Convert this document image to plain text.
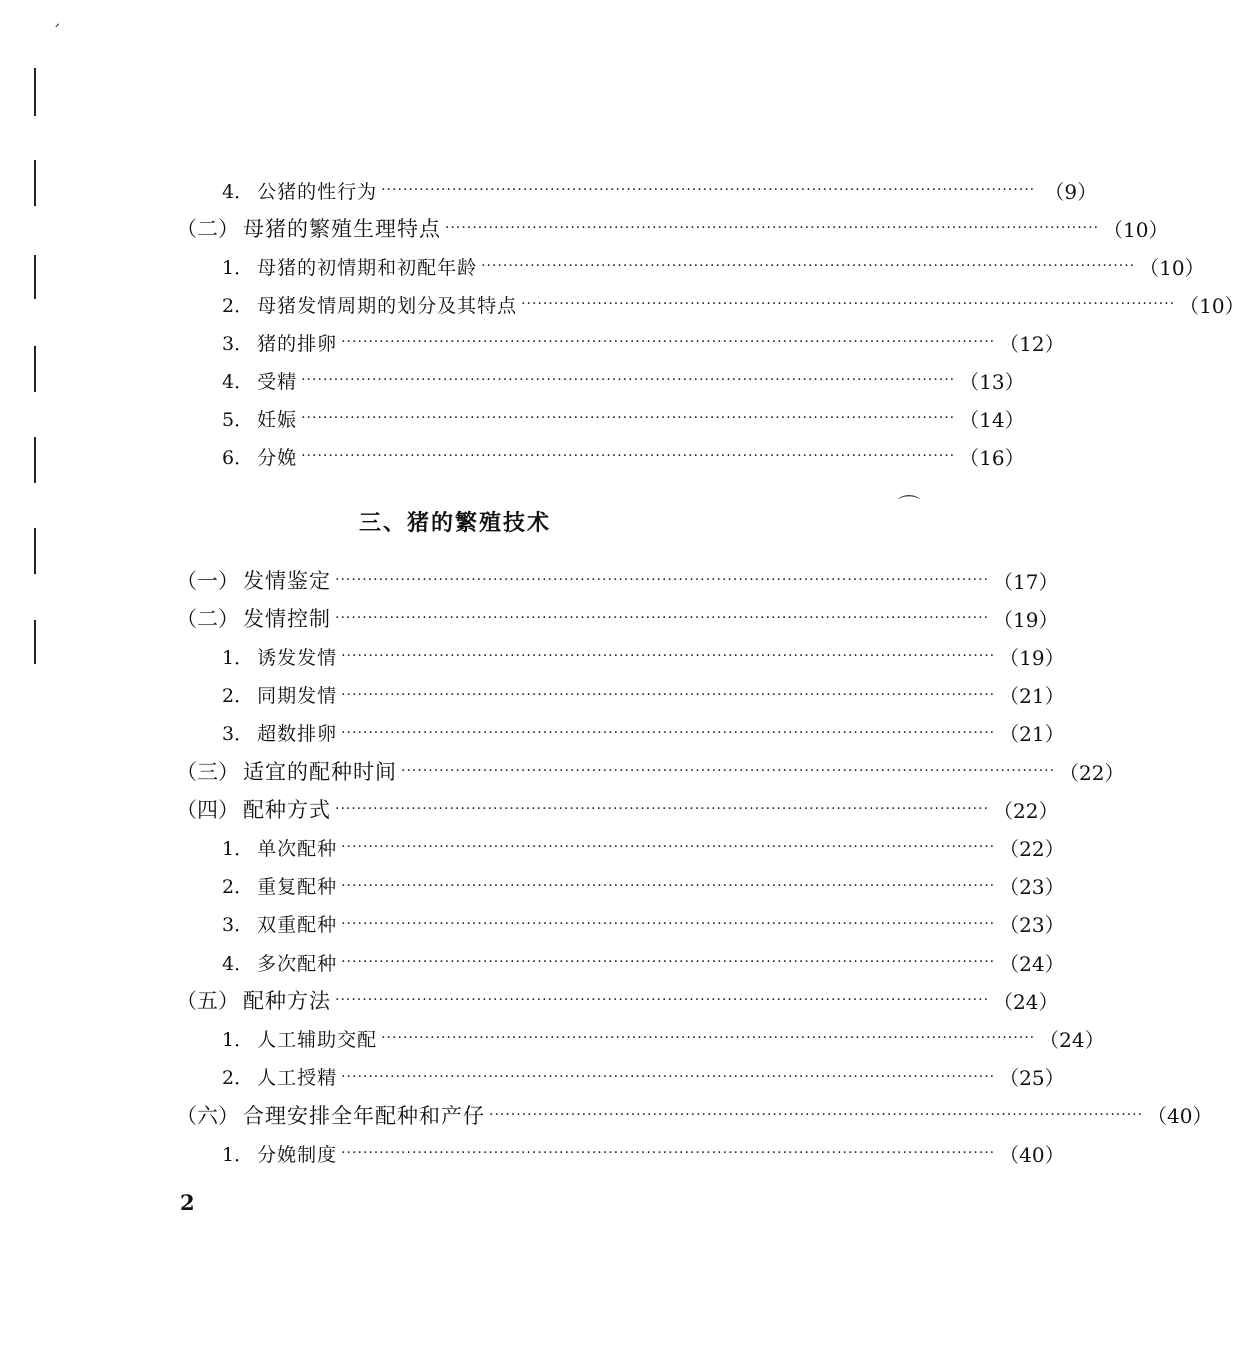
ˊ
⌒
4． 公猪的性行为 ························································································································ （9）
（二） 母猪的繁殖生理特点 ························································································································ （10）
1． 母猪的初情期和初配年龄 ························································································································ （10）
2． 母猪发情周期的划分及其特点 ························································································································ （10）
3． 猪的排卵 ························································································································ （12）
4． 受精 ························································································································ （13）
5． 妊娠 ························································································································ （14）
6． 分娩 ························································································································ （16）
三、猪的繁殖技术
（一） 发情鉴定 ························································································································ （17）
（二） 发情控制 ························································································································ （19）
1． 诱发发情 ························································································································ （19）
2． 同期发情 ························································································································ （21）
3． 超数排卵 ························································································································ （21）
（三） 适宜的配种时间 ························································································································ （22）
（四） 配种方式 ························································································································ （22）
1． 单次配种 ························································································································ （22）
2． 重复配种 ························································································································ （23）
3． 双重配种 ························································································································ （23）
4． 多次配种 ························································································································ （24）
（五） 配种方法 ························································································································ （24）
1． 人工辅助交配 ························································································································ （24）
2． 人工授精 ························································································································ （25）
（六） 合理安排全年配种和产仔 ························································································································ （40）
1． 分娩制度 ························································································································ （40）
2
